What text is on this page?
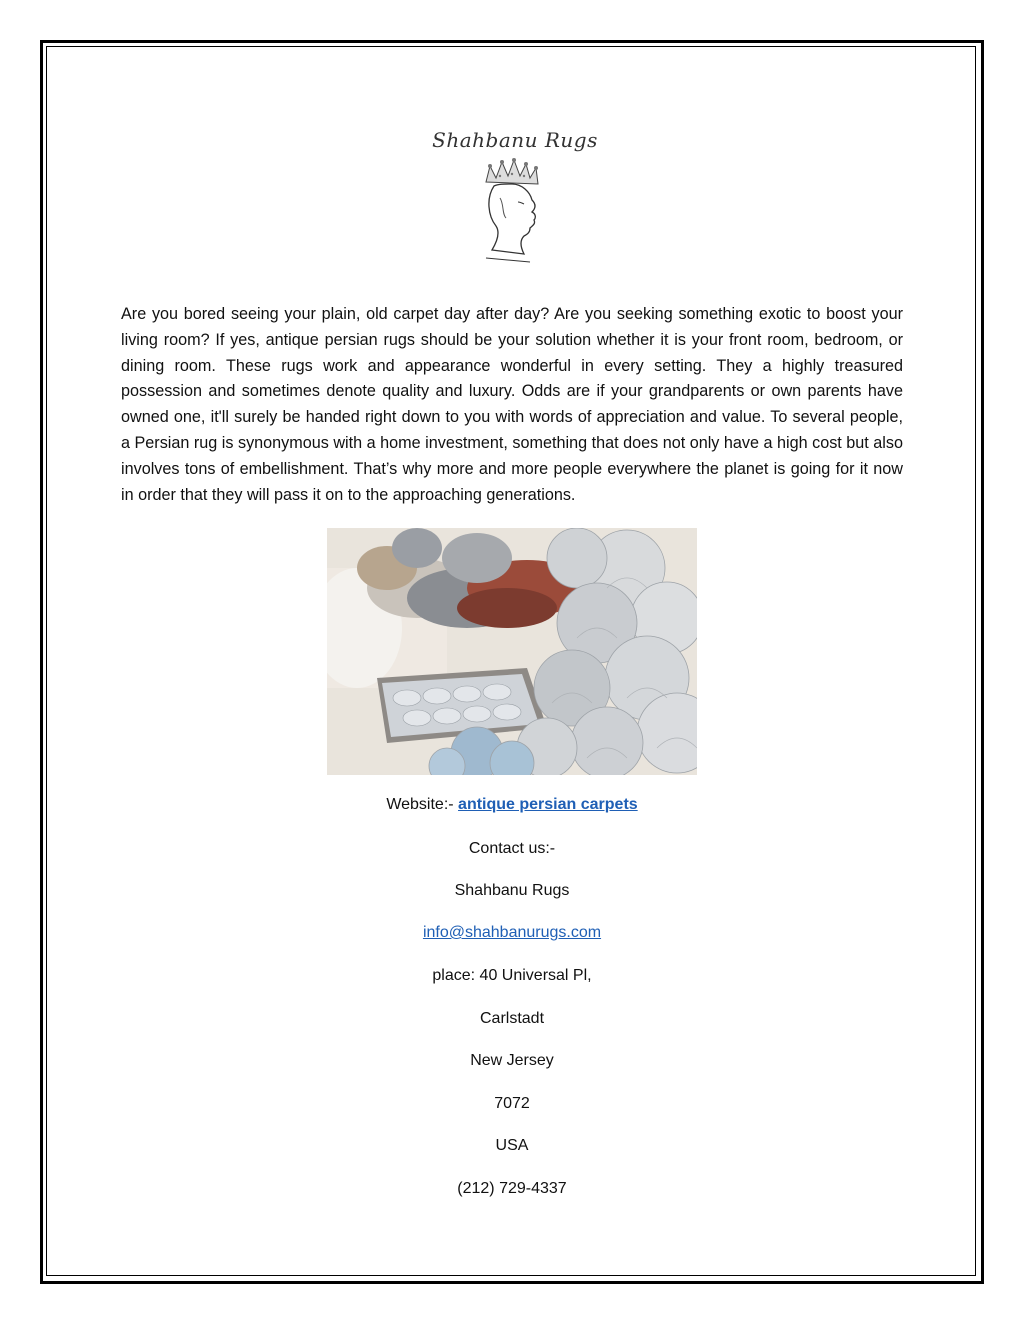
Shahbanu Rugs
Are you bored seeing your plain, old carpet day after day? Are you seeking something exotic to boost your living room? If yes, antique persian rugs should be your solution whether it is your front room, bedroom, or dining room. These rugs work and appearance wonderful in every setting. They a highly treasured possession and sometimes denote quality and luxury. Odds are if your grandparents or own parents have owned one, it'll surely be handed right down to you with words of appreciation and value. To several people, a Persian rug is synonymous with a home investment, something that does not only have a high cost but also involves tons of embellishment. That’s why more and more people everywhere the planet is going for it now in order that they will pass it on to the approaching generations.
Website:- antique persian carpets
Contact us:-
Shahbanu Rugs
info@shahbanurugs.com
place: 40 Universal Pl,
Carlstadt
New Jersey
7072
USA
(212) 729-4337
